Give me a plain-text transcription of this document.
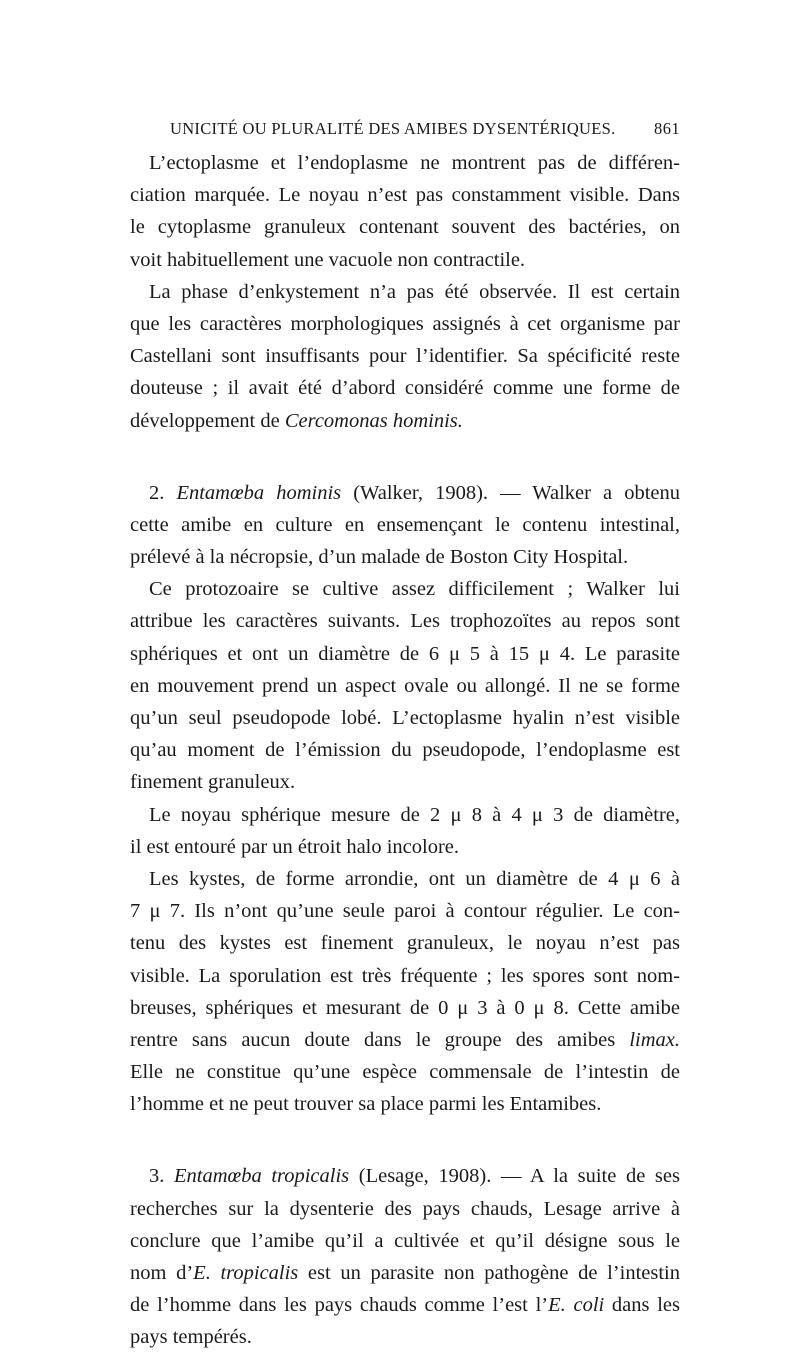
UNICITÉ OU PLURALITÉ DES AMIBES DYSENTÉRIQUES. 861
L’ectoplasme et l’endoplasme ne montrent pas de différen-
ciation marquée. Le noyau n’est pas constamment visible. Dans
le cytoplasme granuleux contenant souvent des bactéries, on
voit habituellement une vacuole non contractile.
La phase d’enkystement n’a pas été observée. Il est certain
que les caractères morphologiques assignés à cet organisme par
Castellani sont insuffisants pour l’identifier. Sa spécificité reste
douteuse ; il avait été d’abord considéré comme une forme de
développement de Cercomonas hominis.
2. Entamœba hominis (Walker, 1908). — Walker a obtenu
cette amibe en culture en ensemençant le contenu intestinal,
prélevé à la nécropsie, d’un malade de Boston City Hospital.
Ce protozoaire se cultive assez difficilement ; Walker lui
attribue les caractères suivants. Les trophozoïtes au repos sont
sphériques et ont un diamètre de 6 μ 5 à 15 μ 4. Le parasite
en mouvement prend un aspect ovale ou allongé. Il ne se forme
qu’un seul pseudopode lobé. L’ectoplasme hyalin n’est visible
qu’au moment de l’émission du pseudopode, l’endoplasme est
finement granuleux.
Le noyau sphérique mesure de 2 μ 8 à 4 μ 3 de diamètre,
il est entouré par un étroit halo incolore.
Les kystes, de forme arrondie, ont un diamètre de 4 μ 6 à
7 μ 7. Ils n’ont qu’une seule paroi à contour régulier. Le con-
tenu des kystes est finement granuleux, le noyau n’est pas
visible. La sporulation est très fréquente ; les spores sont nom-
breuses, sphériques et mesurant de 0 μ 3 à 0 μ 8. Cette amibe
rentre sans aucun doute dans le groupe des amibes limax.
Elle ne constitue qu’une espèce commensale de l’intestin de
l’homme et ne peut trouver sa place parmi les Entamibes.
3. Entamœba tropicalis (Lesage, 1908). — A la suite de ses
recherches sur la dysenterie des pays chauds, Lesage arrive à
conclure que l’amibe qu’il a cultivée et qu’il désigne sous le
nom d’E. tropicalis est un parasite non pathogène de l’intestin
de l’homme dans les pays chauds comme l’est l’E. coli dans les
pays tempérés.
